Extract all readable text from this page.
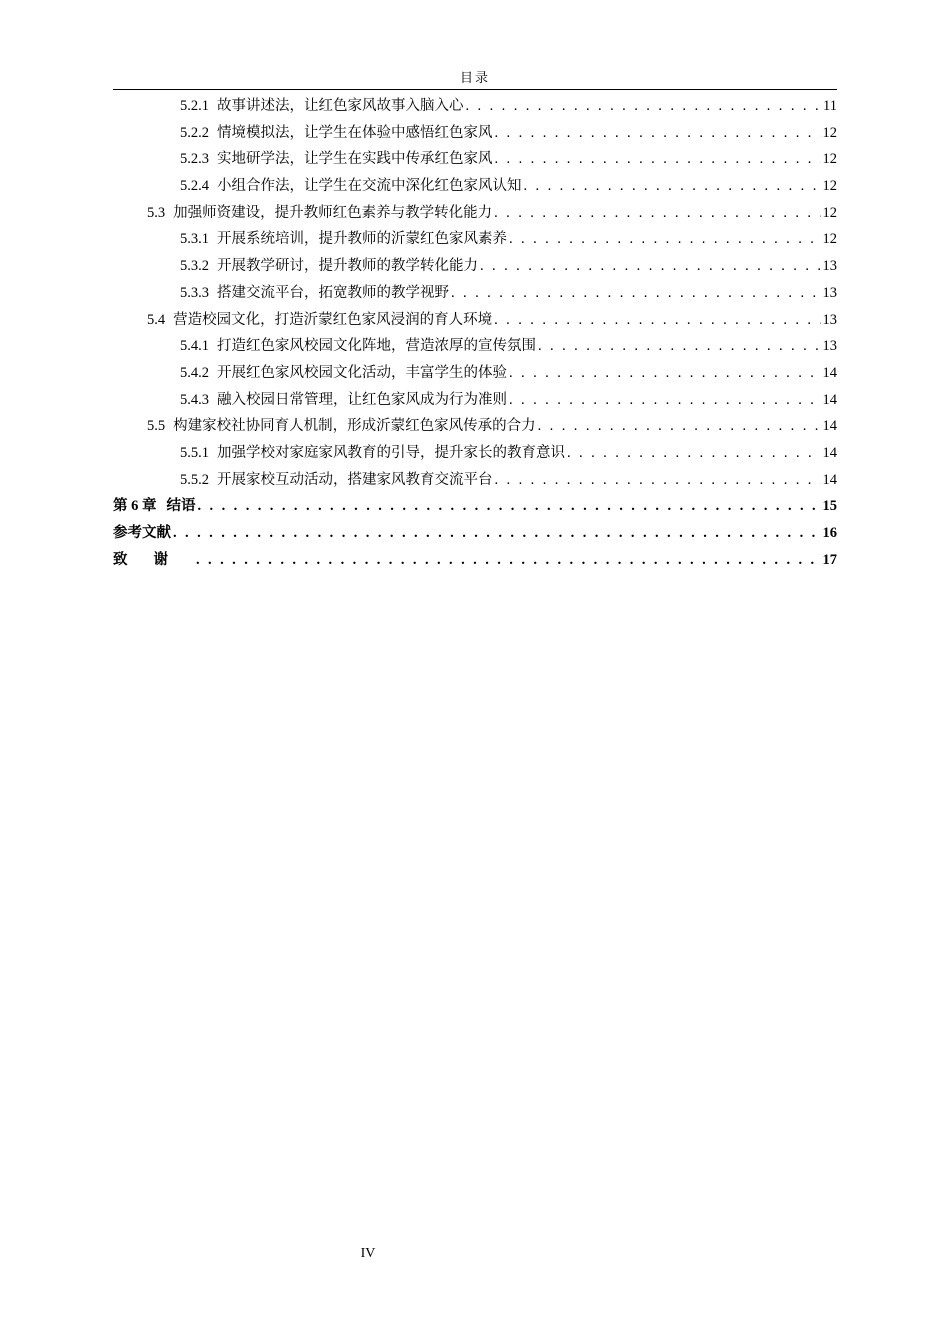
目录
5.2.1 故事讲述法，让红色家风故事入脑入心 . . .	11
5.2.2 情境模拟法，让学生在体验中感悟红色家风 . . .	12
5.2.3 实地研学法，让学生在实践中传承红色家风 . . .	12
5.2.4 小组合作法，让学生在交流中深化红色家风认知 . . .	12
5.3 加强师资建设，提升教师红色素养与教学转化能力 . . .	12
5.3.1 开展系统培训，提升教师的沂蒙红色家风素养 . . .	12
5.3.2 开展教学研讨，提升教师的教学转化能力 . . .	13
5.3.3 搭建交流平台，拓宽教师的教学视野 . . .	13
5.4 营造校园文化，打造沂蒙红色家风浸润的育人环境 . . .	13
5.4.1 打造红色家风校园文化阵地，营造浓厚的宣传氛围 . . .	13
5.4.2 开展红色家风校园文化活动，丰富学生的体验 . . .	14
5.4.3 融入校园日常管理，让红色家风成为行为准则 . . .	14
5.5 构建家校社协同育人机制，形成沂蒙红色家风传承的合力 . . .	14
5.5.1 加强学校对家庭家风教育的引导，提升家长的教育意识 . . .	14
5.5.2 开展家校互动活动，搭建家风教育交流平台 . . .	14
第 6 章 结语 . . .	15
参考文献 . . .	16
致谢 . . .	17
IV
